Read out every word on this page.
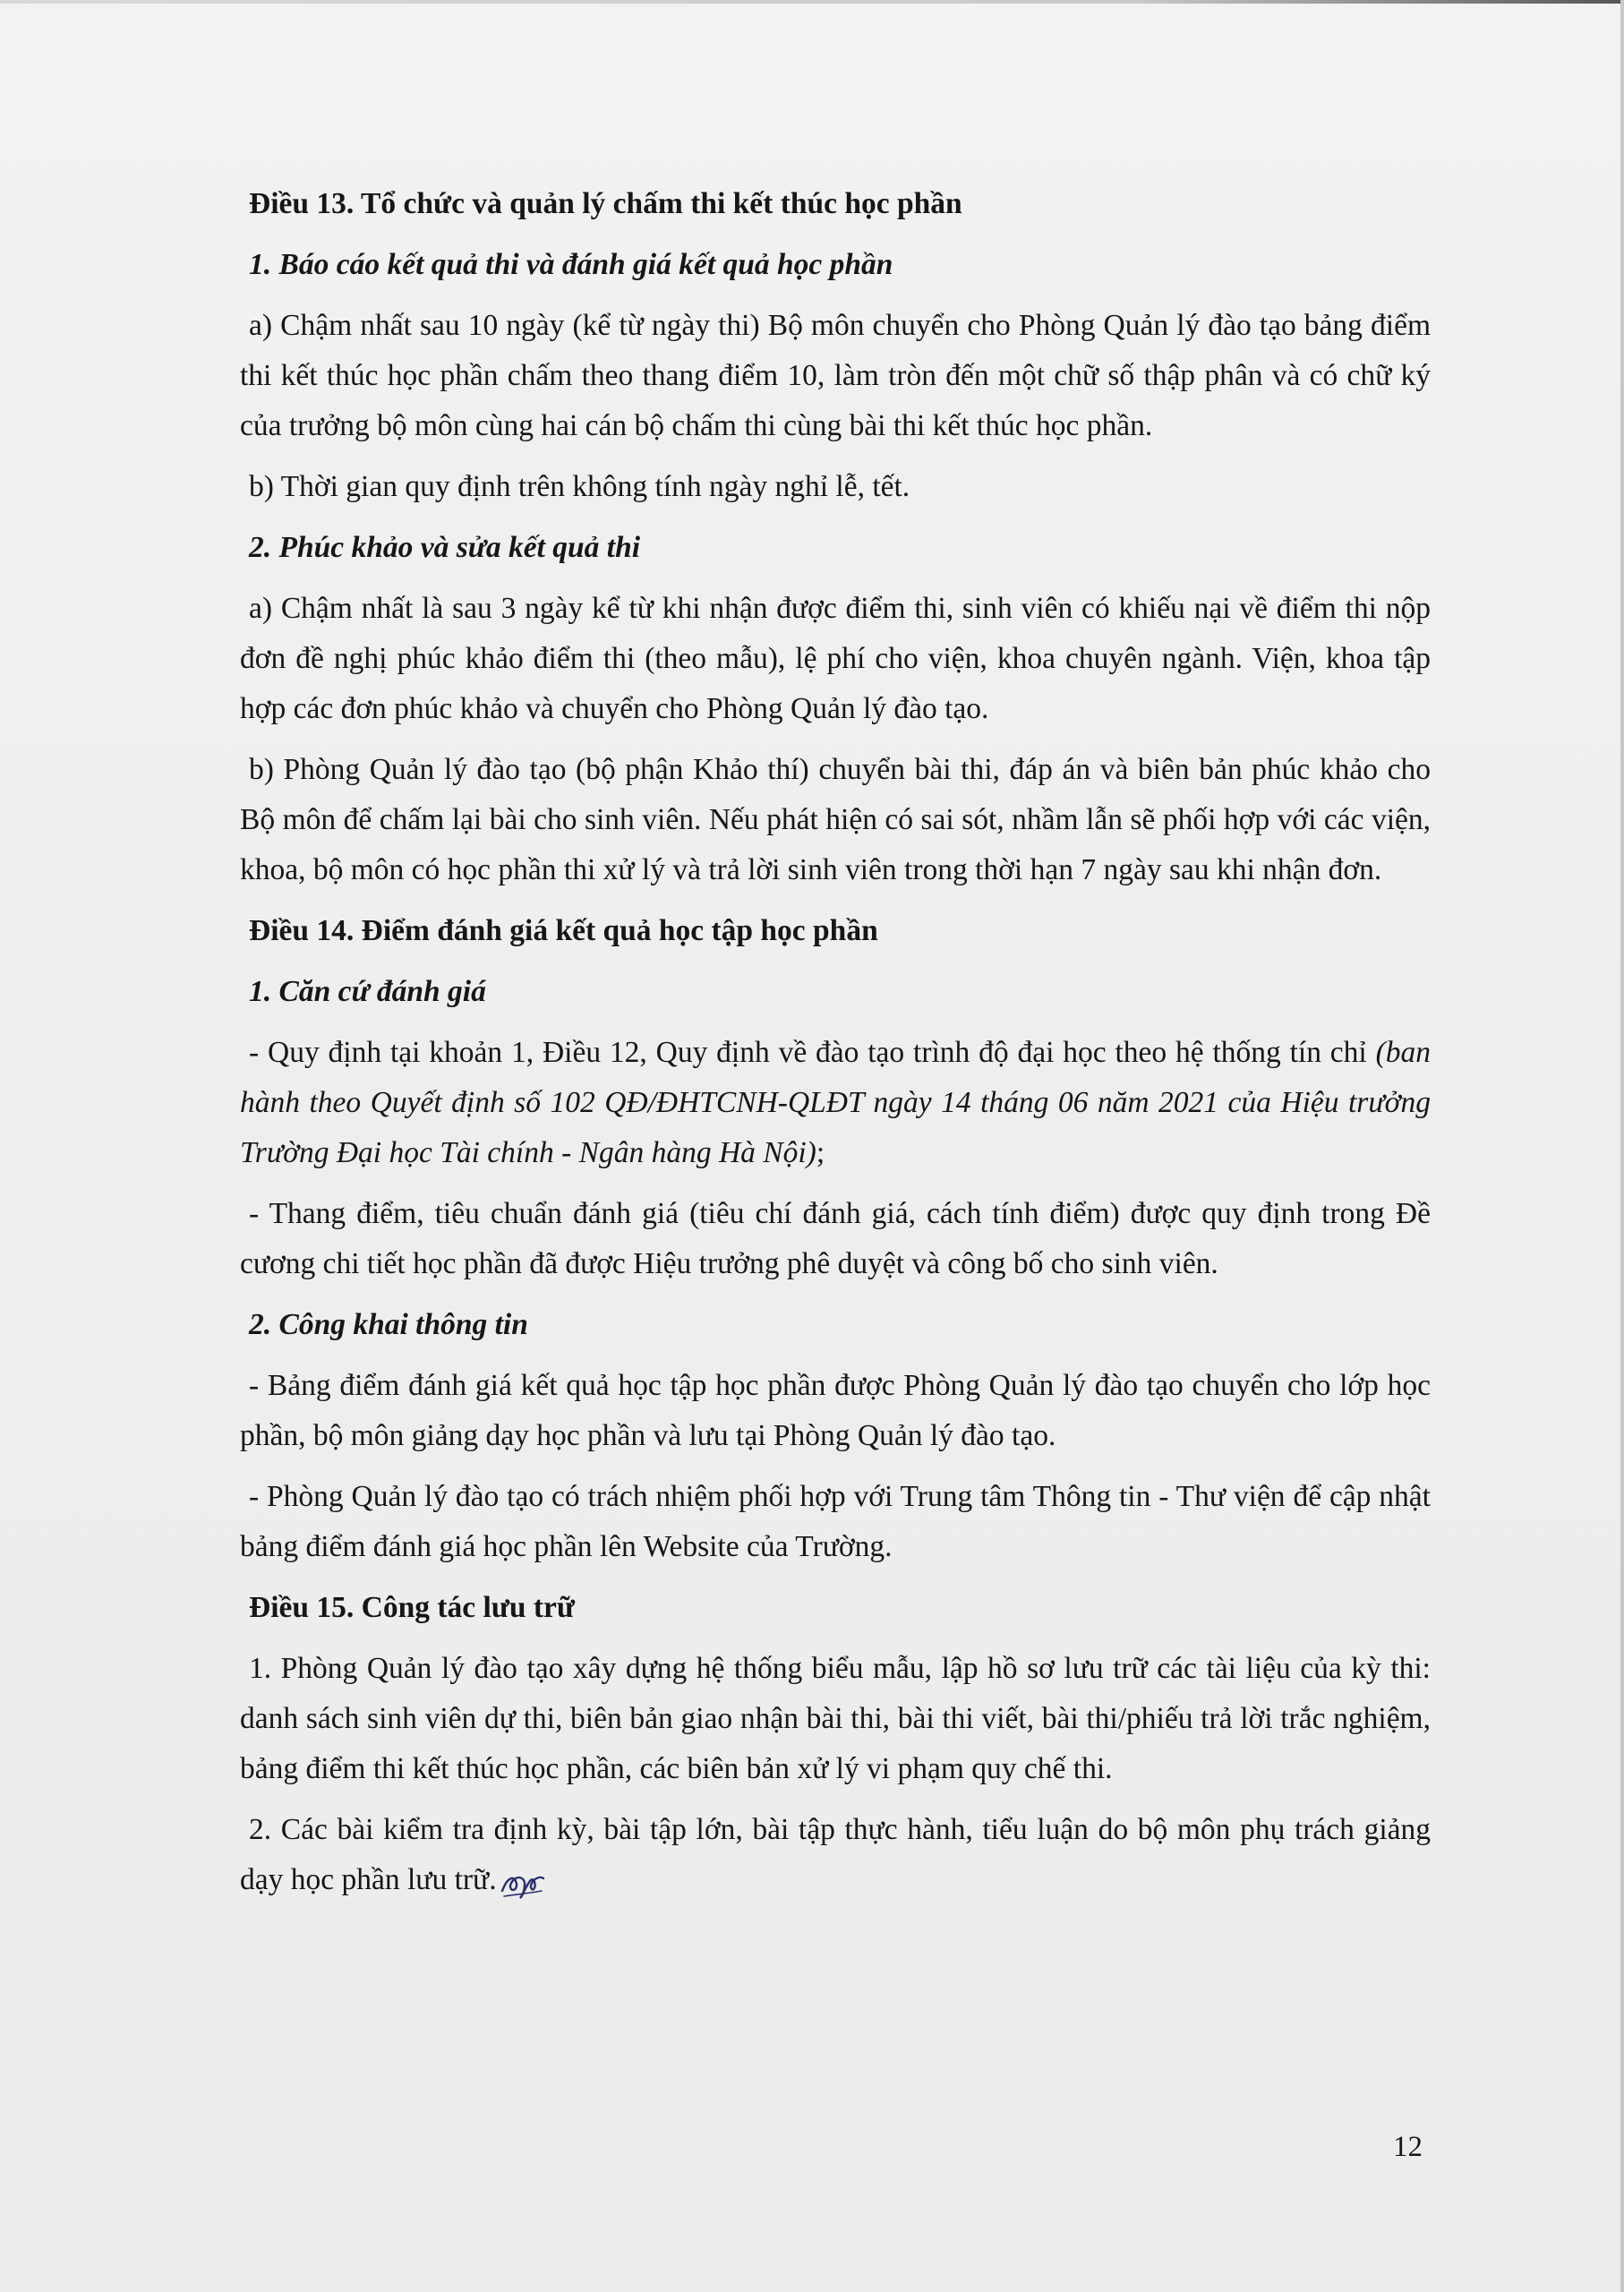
Điều 13. Tổ chức và quản lý chấm thi kết thúc học phần
1. Báo cáo kết quả thi và đánh giá kết quả học phần

a) Chậm nhất sau 10 ngày (kể từ ngày thi) Bộ môn chuyển cho Phòng Quản lý đào tạo bảng điểm thi kết thúc học phần chấm theo thang điểm 10, làm tròn đến một chữ số thập phân và có chữ ký của trưởng bộ môn cùng hai cán bộ chấm thi cùng bài thi kết thúc học phần.

b) Thời gian quy định trên không tính ngày nghỉ lễ, tết.

2. Phúc khảo và sửa kết quả thi

a) Chậm nhất là sau 3 ngày kể từ khi nhận được điểm thi, sinh viên có khiếu nại về điểm thi nộp đơn đề nghị phúc khảo điểm thi (theo mẫu), lệ phí cho viện, khoa chuyên ngành. Viện, khoa tập hợp các đơn phúc khảo và chuyển cho Phòng Quản lý đào tạo.

b) Phòng Quản lý đào tạo (bộ phận Khảo thí) chuyển bài thi, đáp án và biên bản phúc khảo cho Bộ môn để chấm lại bài cho sinh viên. Nếu phát hiện có sai sót, nhầm lẫn sẽ phối hợp với các viện, khoa, bộ môn có học phần thi xử lý và trả lời sinh viên trong thời hạn 7 ngày sau khi nhận đơn.

Điều 14. Điểm đánh giá kết quả học tập học phần
1. Căn cứ đánh giá

- Quy định tại khoản 1, Điều 12, Quy định về đào tạo trình độ đại học theo hệ thống tín chỉ (ban hành theo Quyết định số 102 QĐ/ĐHTCNH-QLĐT ngày 14 tháng 06 năm 2021 của Hiệu trưởng Trường Đại học Tài chính - Ngân hàng Hà Nội);

- Thang điểm, tiêu chuẩn đánh giá (tiêu chí đánh giá, cách tính điểm) được quy định trong Đề cương chi tiết học phần đã được Hiệu trưởng phê duyệt và công bố cho sinh viên.

2. Công khai thông tin

- Bảng điểm đánh giá kết quả học tập học phần được Phòng Quản lý đào tạo chuyển cho lớp học phần, bộ môn giảng dạy học phần và lưu tại Phòng Quản lý đào tạo.

- Phòng Quản lý đào tạo có trách nhiệm phối hợp với Trung tâm Thông tin - Thư viện để cập nhật bảng điểm đánh giá học phần lên Website của Trường.

Điều 15. Công tác lưu trữ

1. Phòng Quản lý đào tạo xây dựng hệ thống biểu mẫu, lập hồ sơ lưu trữ các tài liệu của kỳ thi: danh sách sinh viên dự thi, biên bản giao nhận bài thi, bài thi viết, bài thi/phiếu trả lời trắc nghiệm, bảng điểm thi kết thúc học phần, các biên bản xử lý vi phạm quy chế thi.

2. Các bài kiểm tra định kỳ, bài tập lớn, bài tập thực hành, tiểu luận do bộ môn phụ trách giảng dạy học phần lưu trữ.

12
